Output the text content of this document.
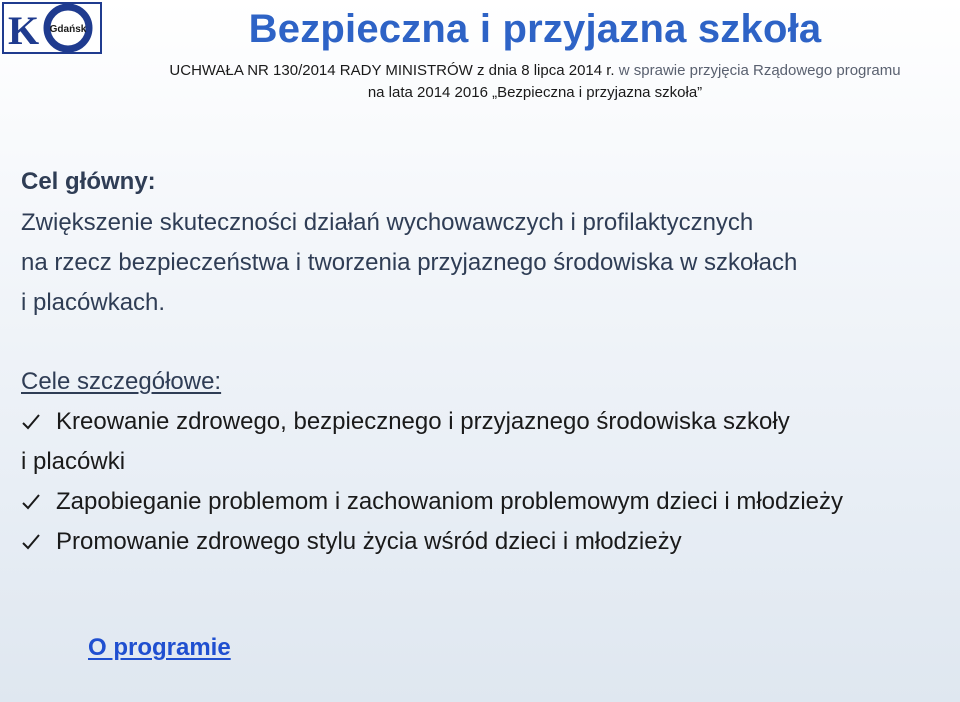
K Gdańsk	Bezpieczna i przyjazna szkoła
UCHWAŁA NR 130/2014 RADY MINISTRÓW z dnia 8 lipca 2014 r. w sprawie przyjęcia Rządowego programu
na lata 2014 2016 „Bezpieczna i przyjazna szkoła”
Cel główny:
Zwiększenie skuteczności działań wychowawczych i profilaktycznych
na rzecz bezpieczeństwa i tworzenia przyjaznego środowiska w szkołach
i placówkach.
Cele szczegółowe:
Kreowanie zdrowego, bezpiecznego i przyjaznego środowiska szkoły
i placówki
Zapobieganie problemom i zachowaniom problemowym dzieci i młodzieży
Promowanie zdrowego stylu życia wśród dzieci i młodzieży
O programie
